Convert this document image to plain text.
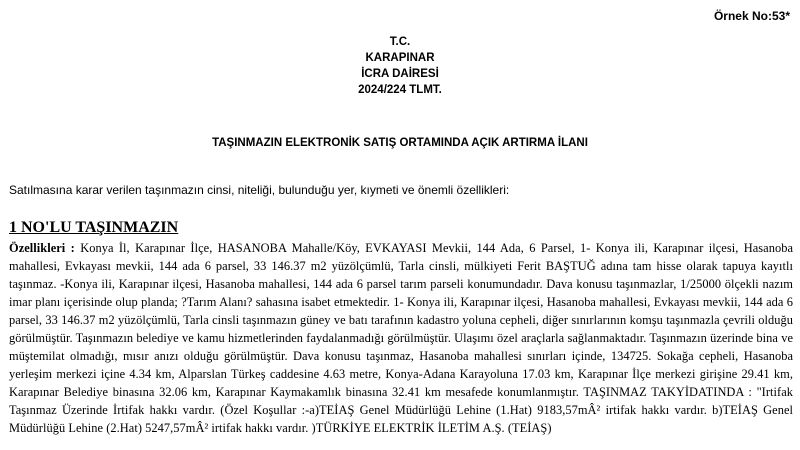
Örnek No:53*
T.C.
KARAPINAR
İCRA DAİRESİ
2024/224 TLMT.
TAŞINMAZIN ELEKTRONİK SATIŞ ORTAMINDA AÇIK ARTIRMA İLANI
Satılmasına karar verilen taşınmazın cinsi, niteliği, bulunduğu yer, kıymeti ve önemli özellikleri:
1 NO'LU TAŞINMAZIN
Özellikleri : Konya İl, Karapınar İlçe, HASANOBA Mahalle/Köy, EVKAYASI Mevkii, 144 Ada, 6 Parsel, 1- Konya ili, Karapınar ilçesi, Hasanoba mahallesi, Evkayası mevkii, 144 ada 6 parsel, 33 146.37 m2 yüzölçümlü, Tarla cinsli, mülkiyeti Ferit BAŞTUĞ adına tam hisse olarak tapuya kayıtlı taşınmaz. -Konya ili, Karapınar ilçesi, Hasanoba mahallesi, 144 ada 6 parsel tarım parseli konumundadır. Dava konusu taşınmazlar, 1/25000 ölçekli nazım imar planı içerisinde olup planda; ?Tarım Alanı? sahasına isabet etmektedir. 1- Konya ili, Karapınar ilçesi, Hasanoba mahallesi, Evkayası mevkii, 144 ada 6 parsel, 33 146.37 m2 yüzölçümlü, Tarla cinsli taşınmazın güney ve batı tarafının kadastro yoluna cepheli, diğer sınırlarının komşu taşınmazla çevrili olduğu görülmüştür. Taşınmazın belediye ve kamu hizmetlerinden faydalanmadığı görülmüştür. Ulaşımı özel araçlarla sağlanmaktadır. Taşınmazın üzerinde bina ve müştemilat olmadığı, mısır anızı olduğu görülmüştür. Dava konusu taşınmaz, Hasanoba mahallesi sınırları içinde, 134725. Sokağa cepheli, Hasanoba yerleşim merkezi içine 4.34 km, Alparslan Türkeş caddesine 4.63 metre, Konya-Adana Karayoluna 17.03 km, Karapınar İlçe merkezi girişine 29.41 km, Karapınar Belediye binasına 32.06 km, Karapınar Kaymakamlık binasına 32.41 km mesafede konumlanmıştır. TAŞINMAZ TAKYİDATINDA : "Irtifak Taşınmaz Üzerinde İrtifak hakkı vardır. (Özel Koşullar :-a)TEİAŞ Genel Müdürlüğü Lehine (1.Hat) 9183,57mÂ² irtifak hakkı vardır. b)TEİAŞ Genel Müdürlüğü Lehine (2.Hat) 5247,57mÂ² irtifak hakkı vardır. )TÜRKİYE ELEKTRİK İLETİM A.Ş. (TEİAŞ)
